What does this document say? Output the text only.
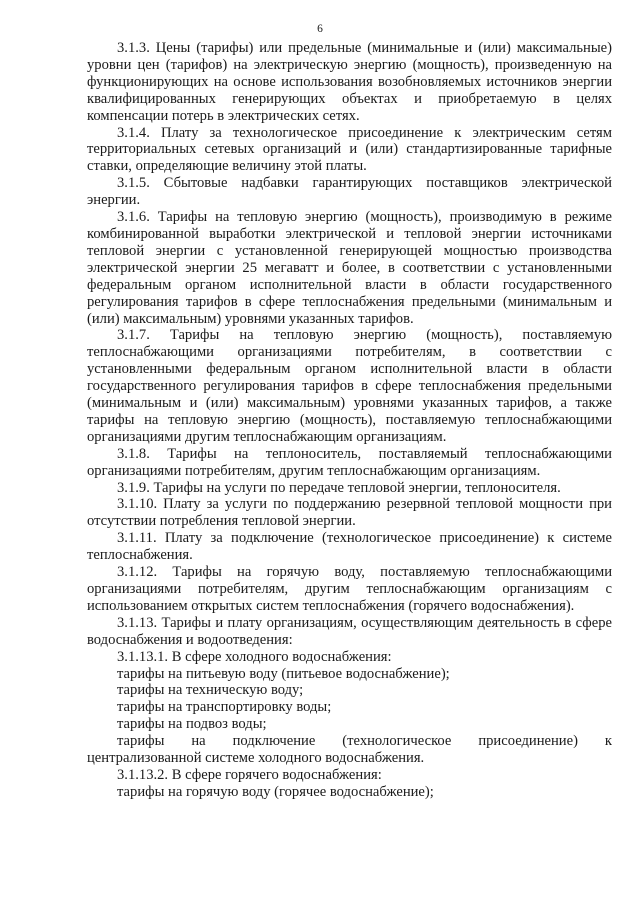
6

3.1.3. Цены (тарифы) или предельные (минимальные и (или) максимальные) уровни цен (тарифов) на электрическую энергию (мощность), произведенную на функционирующих на основе использования возобновляемых источников энергии квалифицированных генерирующих объектах и приобретаемую в целях компенсации потерь в электрических сетях.

3.1.4. Плату за технологическое присоединение к электрическим сетям территориальных сетевых организаций и (или) стандартизированные тарифные ставки, определяющие величину этой платы.

3.1.5. Сбытовые надбавки гарантирующих поставщиков электрической энергии.

3.1.6. Тарифы на тепловую энергию (мощность), производимую в режиме комбинированной выработки электрической и тепловой энергии источниками тепловой энергии с установленной генерирующей мощностью производства электрической энергии 25 мегаватт и более, в соответствии с установленными федеральным органом исполнительной власти в области государственного регулирования тарифов в сфере теплоснабжения предельными (минимальным и (или) максимальным) уровнями указанных тарифов.

3.1.7. Тарифы на тепловую энергию (мощность), поставляемую теплоснабжающими организациями потребителям, в соответствии с установленными федеральным органом исполнительной власти в области государственного регулирования тарифов в сфере теплоснабжения предельными (минимальным и (или) максимальным) уровнями указанных тарифов, а также тарифы на тепловую энергию (мощность), поставляемую теплоснабжающими организациями другим теплоснабжающим организациям.

3.1.8. Тарифы на теплоноситель, поставляемый теплоснабжающими организациями потребителям, другим теплоснабжающим организациям.

3.1.9. Тарифы на услуги по передаче тепловой энергии, теплоносителя.

3.1.10. Плату за услуги по поддержанию резервной тепловой мощности при отсутствии потребления тепловой энергии.

3.1.11. Плату за подключение (технологическое присоединение) к системе теплоснабжения.

3.1.12. Тарифы на горячую воду, поставляемую теплоснабжающими организациями потребителям, другим теплоснабжающим организациям с использованием открытых систем теплоснабжения (горячего водоснабжения).

3.1.13. Тарифы и плату организациям, осуществляющим деятельность в сфере водоснабжения и водоотведения:

3.1.13.1. В сфере холодного водоснабжения:

тарифы на питьевую воду (питьевое водоснабжение);

тарифы на техническую воду;

тарифы на транспортировку воды;

тарифы на подвоз воды;

тарифы на подключение (технологическое присоединение) к централизованной системе холодного водоснабжения.

3.1.13.2. В сфере горячего водоснабжения:

тарифы на горячую воду (горячее водоснабжение);
